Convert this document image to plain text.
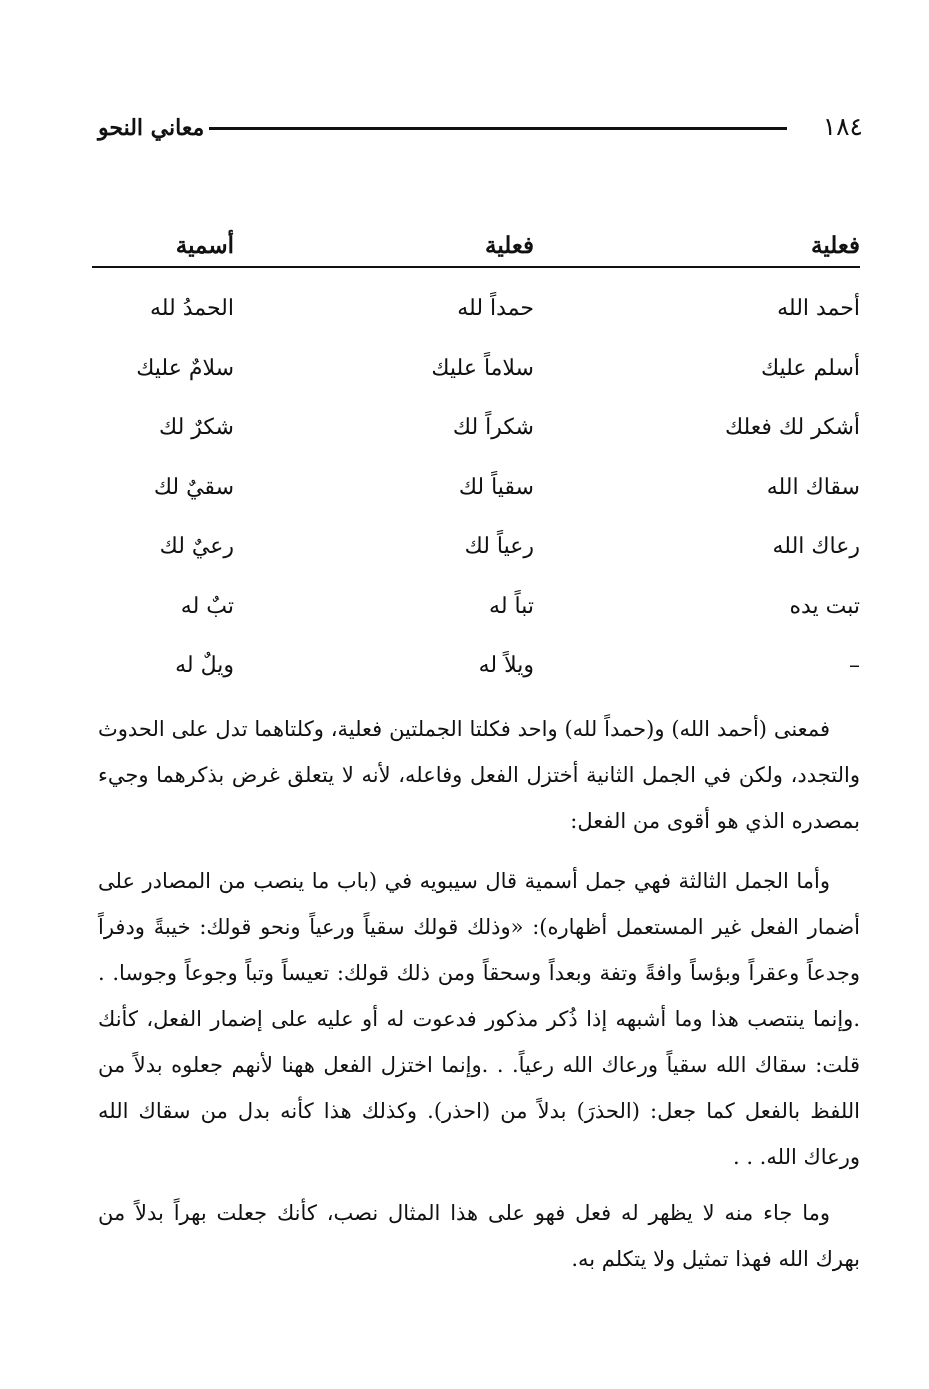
١٨٤
معاني النحو
فعلية
فعلية
أسمية
أحمد الله
حمداً لله
الحمدُ لله
أسلم عليك
سلاماً عليك
سلامٌ عليك
أشكر لك فعلك
شكراً لك
شكرٌ لك
سقاك الله
سقياً لك
سقيٌ لك
رعاك الله
رعياً لك
رعيٌ لك
تبت يده
تباً له
تبٌ له
–
ويلاً له
ويلٌ له

فمعنى (أحمد الله) و(حمداً لله) واحد فكلتا الجملتين فعلية، وكلتاهما تدل على الحدوث والتجدد، ولكن في الجمل الثانية أختزل الفعل وفاعله، لأنه لا يتعلق غرض بذكرهما وجيء بمصدره الذي هو أقوى من الفعل:

وأما الجمل الثالثة فهي جمل أسمية قال سيبويه في (باب ما ينصب من المصادر على أضمار الفعل غير المستعمل أظهاره): «وذلك قولك سقياً ورعياً ونحو قولك: خيبةً ودفراً وجدعاً وعقراً وبؤساً وافةً وتفة وبعداً وسحقاً ومن ذلك قولك: تعيساً وتباً وجوعاً وجوسا. . .وإنما ينتصب هذا وما أشبهه إذا ذُكر مذكور فدعوت له أو عليه على إضمار الفعل، كأنك قلت: سقاك الله سقياً ورعاك الله رعياً. . .وإنما اختزل الفعل ههنا لأنهم جعلوه بدلاً من اللفظ بالفعل كما جعل: (الحذرَ) بدلاً من (احذر). وكذلك هذا كأنه بدل من سقاك الله ورعاك الله. . .

وما جاء منه لا يظهر له فعل فهو على هذا المثال نصب، كأنك جعلت بهراً بدلاً من بهرك الله فهذا تمثيل ولا يتكلم به.
